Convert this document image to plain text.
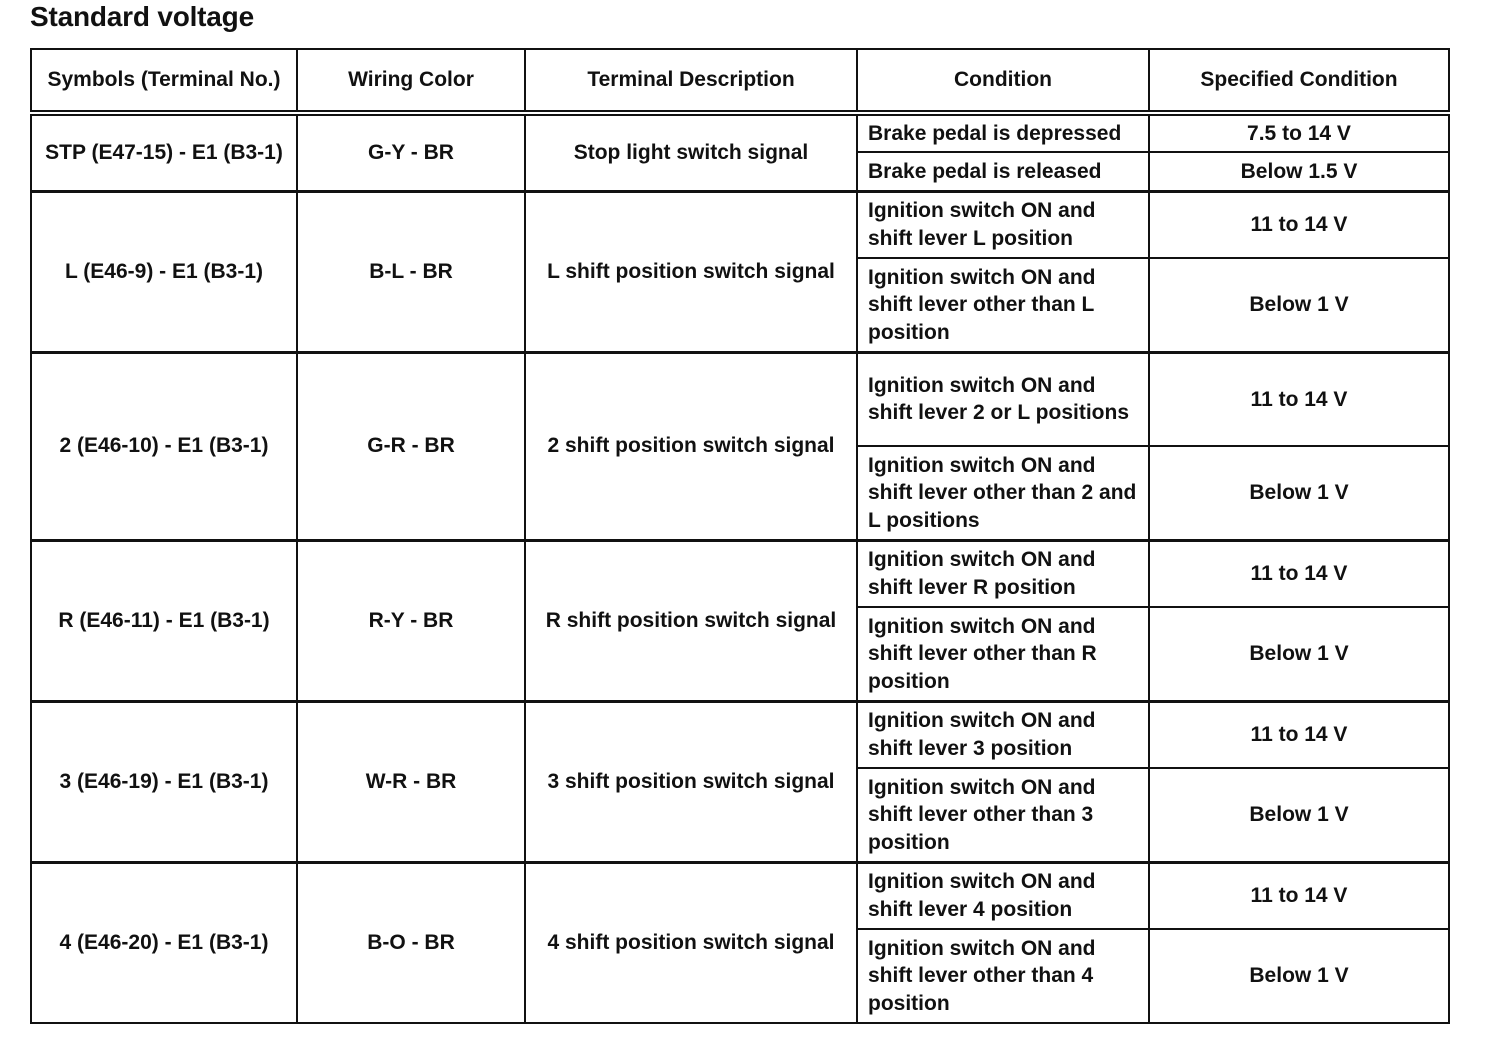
Standard voltage
Symbols (Terminal No.)	Wiring Color	Terminal Description	Condition	Specified Condition
STP (E47-15) - E1 (B3-1)	G-Y - BR	Stop light switch signal	Brake pedal is depressed	7.5 to 14 V
			Brake pedal is released	Below 1.5 V
L (E46-9) - E1 (B3-1)	B-L - BR	L shift position switch signal	Ignition switch ON and shift lever L position	11 to 14 V
			Ignition switch ON and shift lever other than L position	Below 1 V
2 (E46-10) - E1 (B3-1)	G-R - BR	2 shift position switch signal	Ignition switch ON and shift lever 2 or L positions	11 to 14 V
			Ignition switch ON and shift lever other than 2 and L positions	Below 1 V
R (E46-11) - E1 (B3-1)	R-Y - BR	R shift position switch signal	Ignition switch ON and shift lever R position	11 to 14 V
			Ignition switch ON and shift lever other than R position	Below 1 V
3 (E46-19) - E1 (B3-1)	W-R - BR	3 shift position switch signal	Ignition switch ON and shift lever 3 position	11 to 14 V
			Ignition switch ON and shift lever other than 3 position	Below 1 V
4 (E46-20) - E1 (B3-1)	B-O - BR	4 shift position switch signal	Ignition switch ON and shift lever 4 position	11 to 14 V
			Ignition switch ON and shift lever other than 4 position	Below 1 V
